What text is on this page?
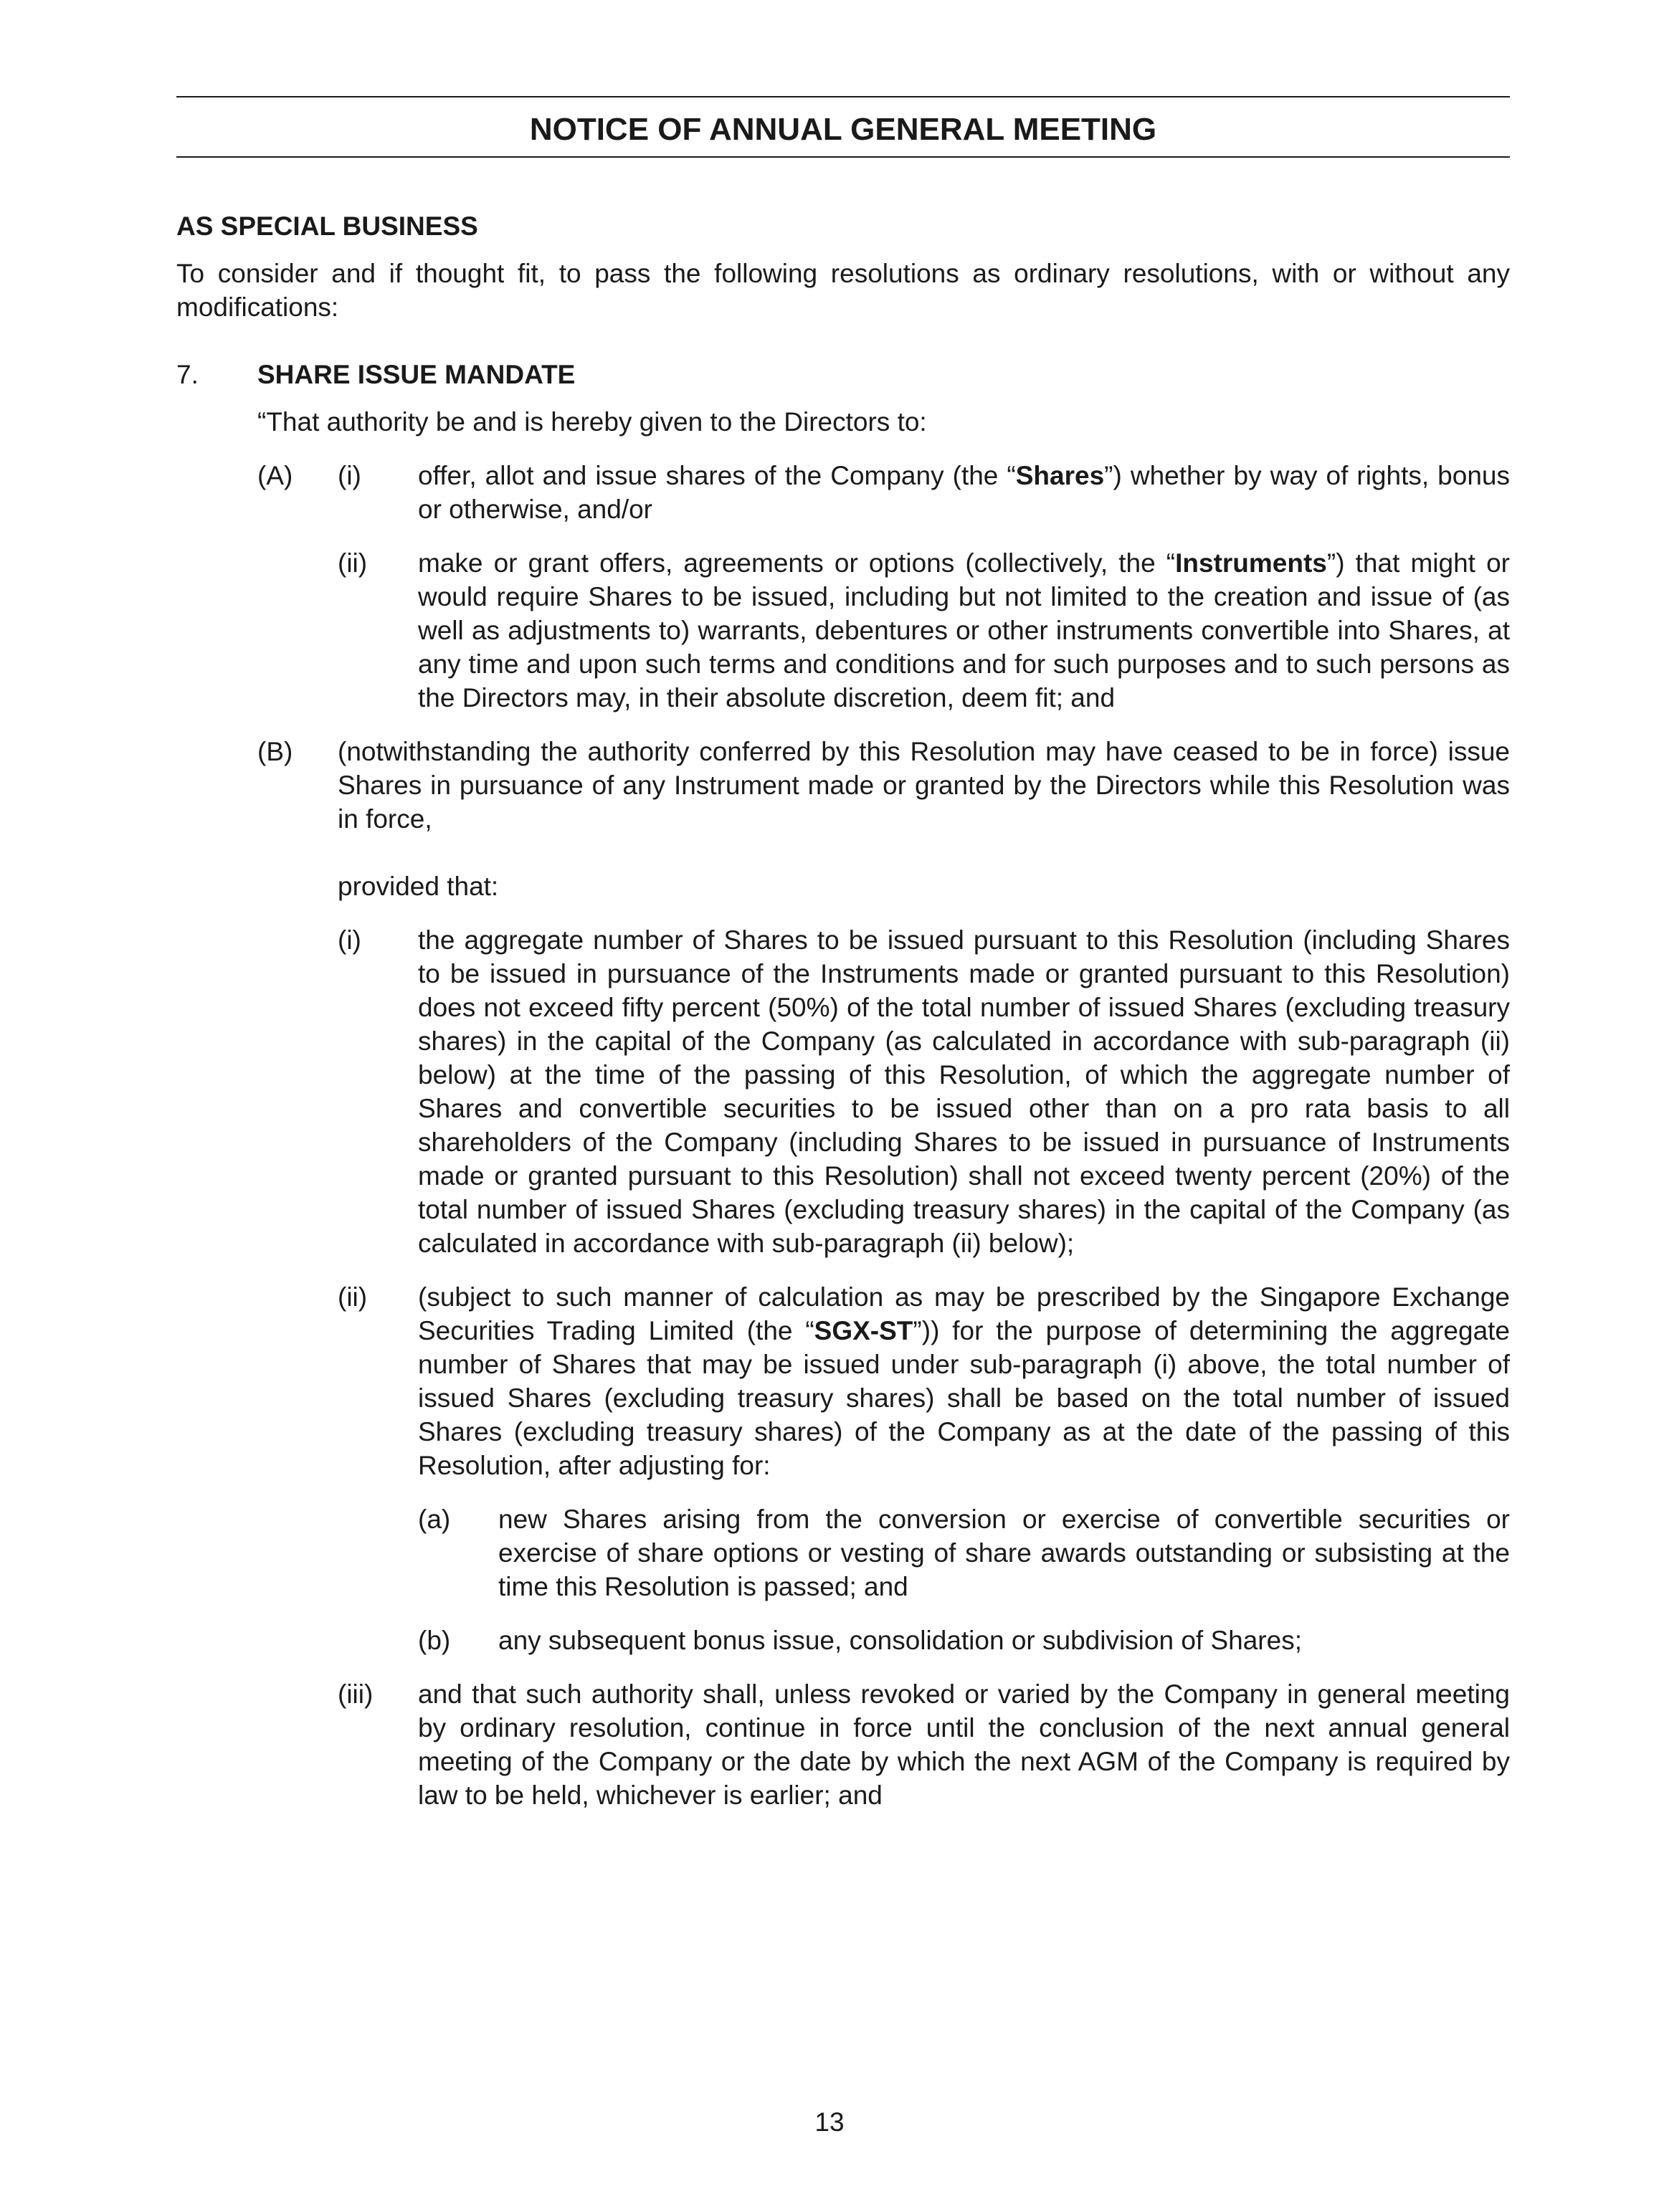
NOTICE OF ANNUAL GENERAL MEETING
AS SPECIAL BUSINESS
To consider and if thought fit, to pass the following resolutions as ordinary resolutions, with or without any modifications:
7.	SHARE ISSUE MANDATE
“That authority be and is hereby given to the Directors to:
(A)	(i)	offer, allot and issue shares of the Company (the “Shares”) whether by way of rights, bonus or otherwise, and/or
(ii)	make or grant offers, agreements or options (collectively, the “Instruments”) that might or would require Shares to be issued, including but not limited to the creation and issue of (as well as adjustments to) warrants, debentures or other instruments convertible into Shares, at any time and upon such terms and conditions and for such purposes and to such persons as the Directors may, in their absolute discretion, deem fit; and
(B)	(notwithstanding the authority conferred by this Resolution may have ceased to be in force) issue Shares in pursuance of any Instrument made or granted by the Directors while this Resolution was in force,
provided that:
(i)	the aggregate number of Shares to be issued pursuant to this Resolution (including Shares to be issued in pursuance of the Instruments made or granted pursuant to this Resolution) does not exceed fifty percent (50%) of the total number of issued Shares (excluding treasury shares) in the capital of the Company (as calculated in accordance with sub-paragraph (ii) below) at the time of the passing of this Resolution, of which the aggregate number of Shares and convertible securities to be issued other than on a pro rata basis to all shareholders of the Company (including Shares to be issued in pursuance of Instruments made or granted pursuant to this Resolution) shall not exceed twenty percent (20%) of the total number of issued Shares (excluding treasury shares) in the capital of the Company (as calculated in accordance with sub-paragraph (ii) below);
(ii)	(subject to such manner of calculation as may be prescribed by the Singapore Exchange Securities Trading Limited (the “SGX-ST”)) for the purpose of determining the aggregate number of Shares that may be issued under sub-paragraph (i) above, the total number of issued Shares (excluding treasury shares) shall be based on the total number of issued Shares (excluding treasury shares) of the Company as at the date of the passing of this Resolution, after adjusting for:
(a)	new Shares arising from the conversion or exercise of convertible securities or exercise of share options or vesting of share awards outstanding or subsisting at the time this Resolution is passed; and
(b)	any subsequent bonus issue, consolidation or subdivision of Shares;
(iii)	and that such authority shall, unless revoked or varied by the Company in general meeting by ordinary resolution, continue in force until the conclusion of the next annual general meeting of the Company or the date by which the next AGM of the Company is required by law to be held, whichever is earlier; and
13
